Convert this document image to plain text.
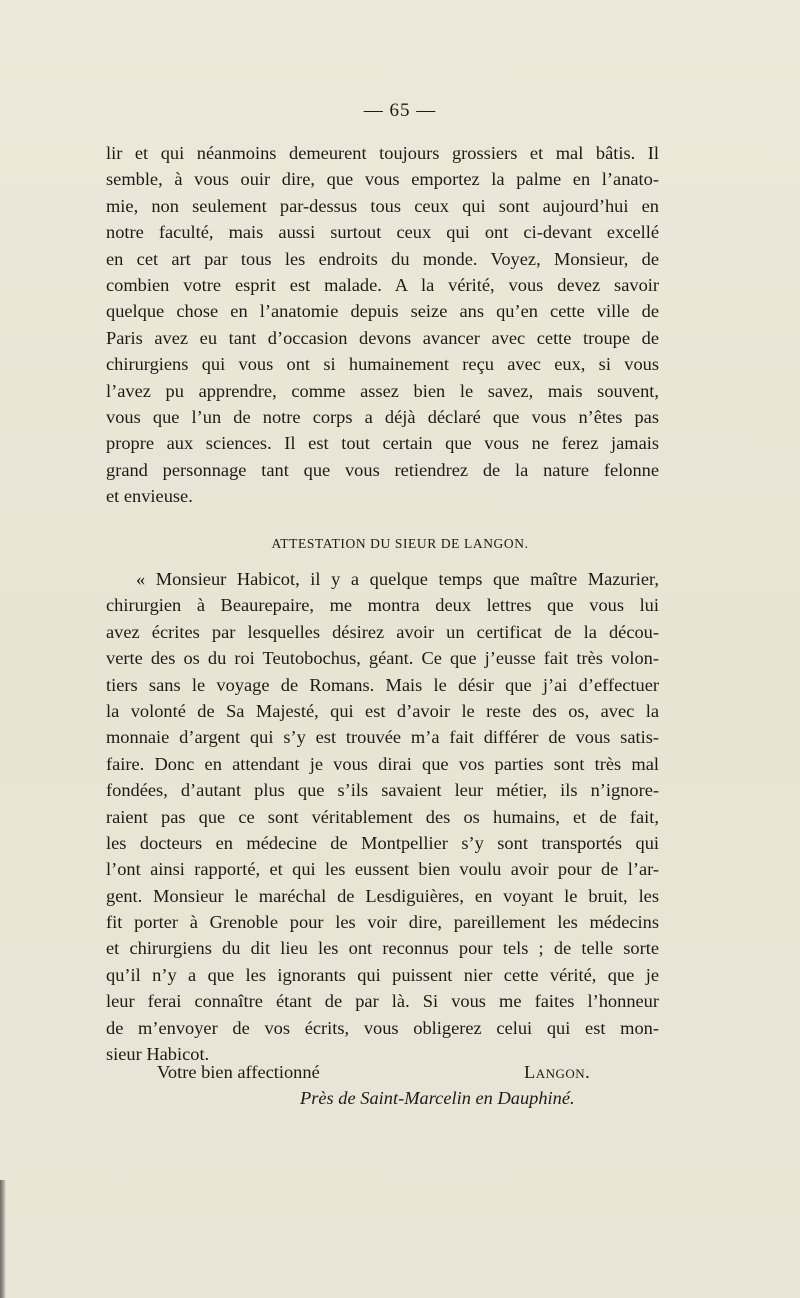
— 65 —
lir et qui néanmoins demeurent toujours grossiers et mal bâtis. Il
semble, à vous ouir dire, que vous emportez la palme en l’anato-
mie, non seulement par-dessus tous ceux qui sont aujourd’hui en
notre faculté, mais aussi surtout ceux qui ont ci-devant excellé
en cet art par tous les endroits du monde. Voyez, Monsieur, de
combien votre esprit est malade. A la vérité, vous devez savoir
quelque chose en l’anatomie depuis seize ans qu’en cette ville de
Paris avez eu tant d’occasion devons avancer avec cette troupe de
chirurgiens qui vous ont si humainement reçu avec eux, si vous
l’avez pu apprendre, comme assez bien le savez, mais souvent,
vous que l’un de notre corps a déjà déclaré que vous n’êtes pas
propre aux sciences. Il est tout certain que vous ne ferez jamais
grand personnage tant que vous retiendrez de la nature felonne
et envieuse.
ATTESTATION DU SIEUR DE LANGON.
« Monsieur Habicot, il y a quelque temps que maître Mazurier,
chirurgien à Beaurepaire, me montra deux lettres que vous lui
avez écrites par lesquelles désirez avoir un certificat de la décou-
verte des os du roi Teutobochus, géant. Ce que j’eusse fait très volon-
tiers sans le voyage de Romans. Mais le désir que j’ai d’effectuer
la volonté de Sa Majesté, qui est d’avoir le reste des os, avec la
monnaie d’argent qui s’y est trouvée m’a fait différer de vous satis-
faire. Donc en attendant je vous dirai que vos parties sont très mal
fondées, d’autant plus que s’ils savaient leur métier, ils n’ignore-
raient pas que ce sont véritablement des os humains, et de fait,
les docteurs en médecine de Montpellier s’y sont transportés qui
l’ont ainsi rapporté, et qui les eussent bien voulu avoir pour de l’ar-
gent. Monsieur le maréchal de Lesdiguières, en voyant le bruit, les
fit porter à Grenoble pour les voir dire, pareillement les médecins
et chirurgiens du dit lieu les ont reconnus pour tels ; de telle sorte
qu’il n’y a que les ignorants qui puissent nier cette vérité, que je
leur ferai connaître étant de par là. Si vous me faites l’honneur
de m’envoyer de vos écrits, vous obligerez celui qui est mon-
sieur Habicot.
Votre bien affectionné	Langon.
Près de Saint-Marcelin en Dauphiné.
